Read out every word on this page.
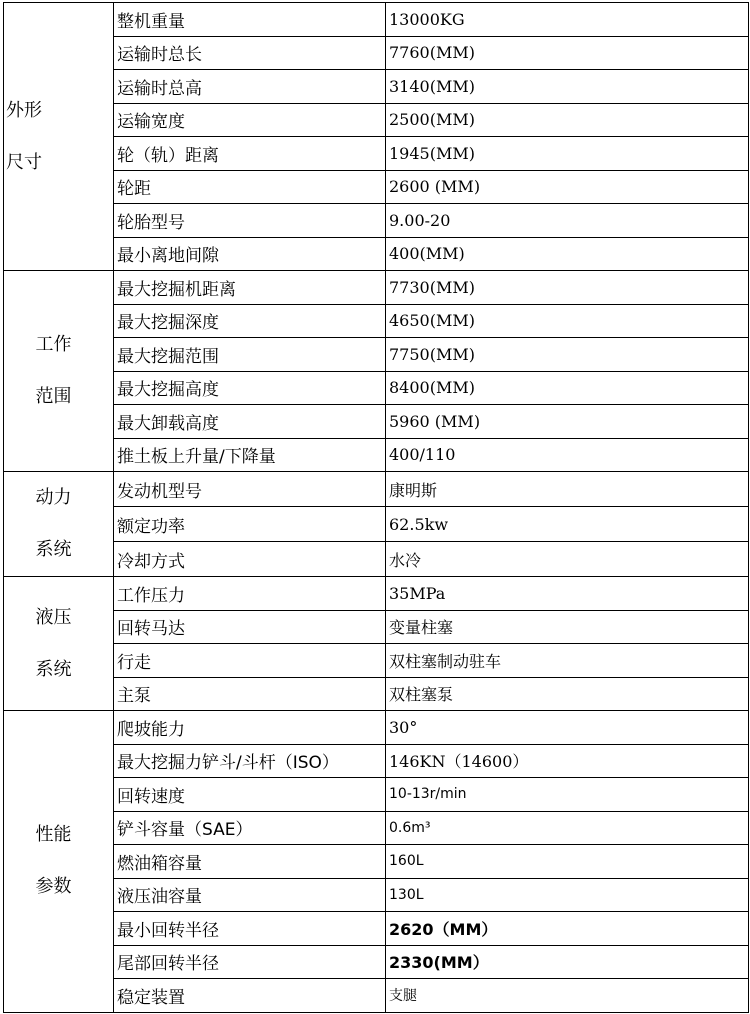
外形
尺寸	整机重量	13000KG
	运输时总长	7760(MM)
	运输时总高	3140(MM)
	运输宽度	2500(MM)
	轮（轨）距离	1945(MM)
	轮距	2600 (MM)
	轮胎型号	9.00-20
	最小离地间隙	400(MM)

工作
范围	最大挖掘机距离	7730(MM)
	最大挖掘深度	4650(MM)
	最大挖掘范围	7750(MM)
	最大挖掘高度	8400(MM)
	最大卸载高度	5960 (MM)
	推土板上升量/下降量	400/110

动力
系统	发动机型号	康明斯
	额定功率	62.5kw
	冷却方式	水冷

液压
系统	工作压力	35MPa
	回转马达	变量柱塞
	行走	双柱塞制动驻车
	主泵	双柱塞泵

性能
参数	爬坡能力	30°
	最大挖掘力铲斗/斗杆（ISO）	146KN（14600）
	回转速度	10-13r/min
	铲斗容量（SAE）	0.6m³
	燃油箱容量	160L
	液压油容量	130L
	最小回转半径	2620（MM）
	尾部回转半径	2330(MM）
	稳定装置	支腿
